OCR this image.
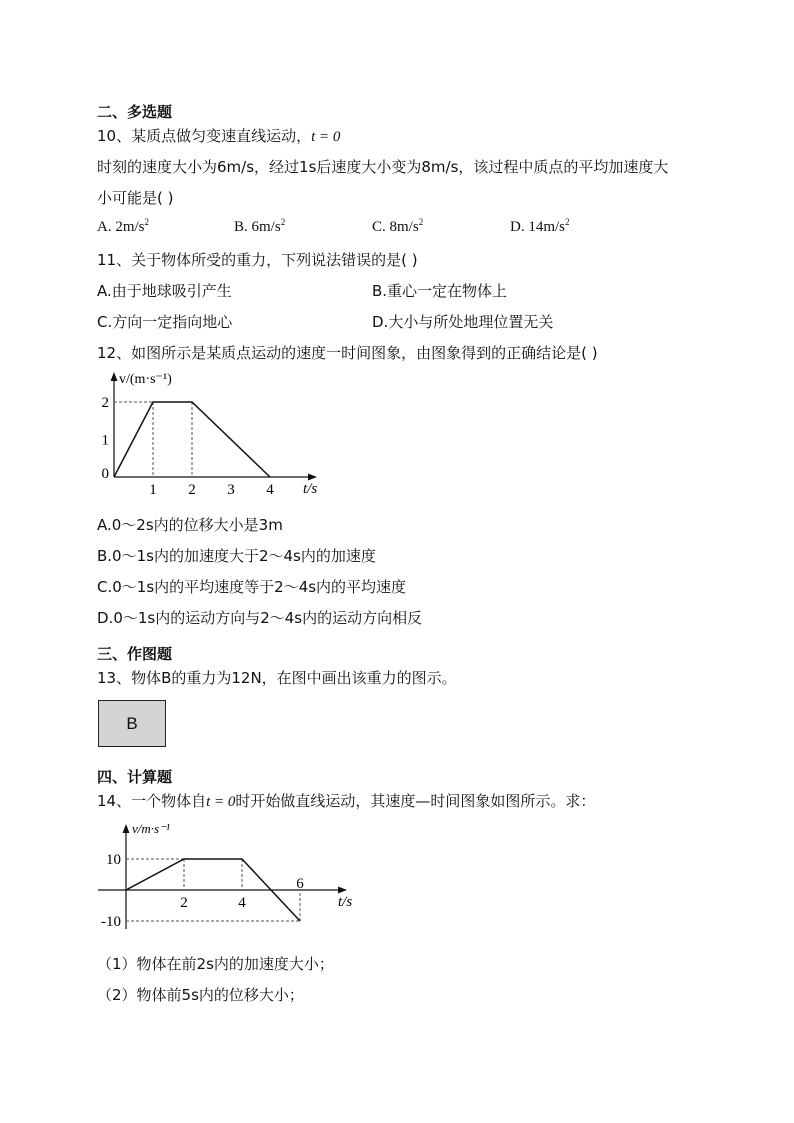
二、多选题
10、某质点做匀变速直线运动，t = 0
时刻的速度大小为6m/s，经过1s后速度大小变为8m/s，该过程中质点的平均加速度大
小可能是( )
A. $2m/s^2$	B. $6m/s^2$	C. $8m/s^2$	D. $14m/s^2$
11、关于物体所受的重力，下列说法错误的是( )
A.由于地球吸引产生	B.重心一定在物体上
C.方向一定指向地心	D.大小与所处地理位置无关
12、如图所示是某质点运动的速度一时间图象，由图象得到的正确结论是( )
1 2 3 4
0
1
2
v/(m·s⁻¹)
t/s
A.0～2s内的位移大小是3m
B.0～1s内的加速度大于2～4s内的加速度
C.0～1s内的平均速度等于2～4s内的平均速度
D.0～1s内的运动方向与2～4s内的运动方向相反
三、作图题
13、物体B的重力为12N，在图中画出该重力的图示。
B
四、计算题
14、一个物体自t = 0时开始做直线运动，其速度—时间图象如图所示。求：
2	4
6
10
-10
v/m·s⁻¹
t/s
（1）物体在前2s内的加速度大小；
（2）物体前5s内的位移大小；
